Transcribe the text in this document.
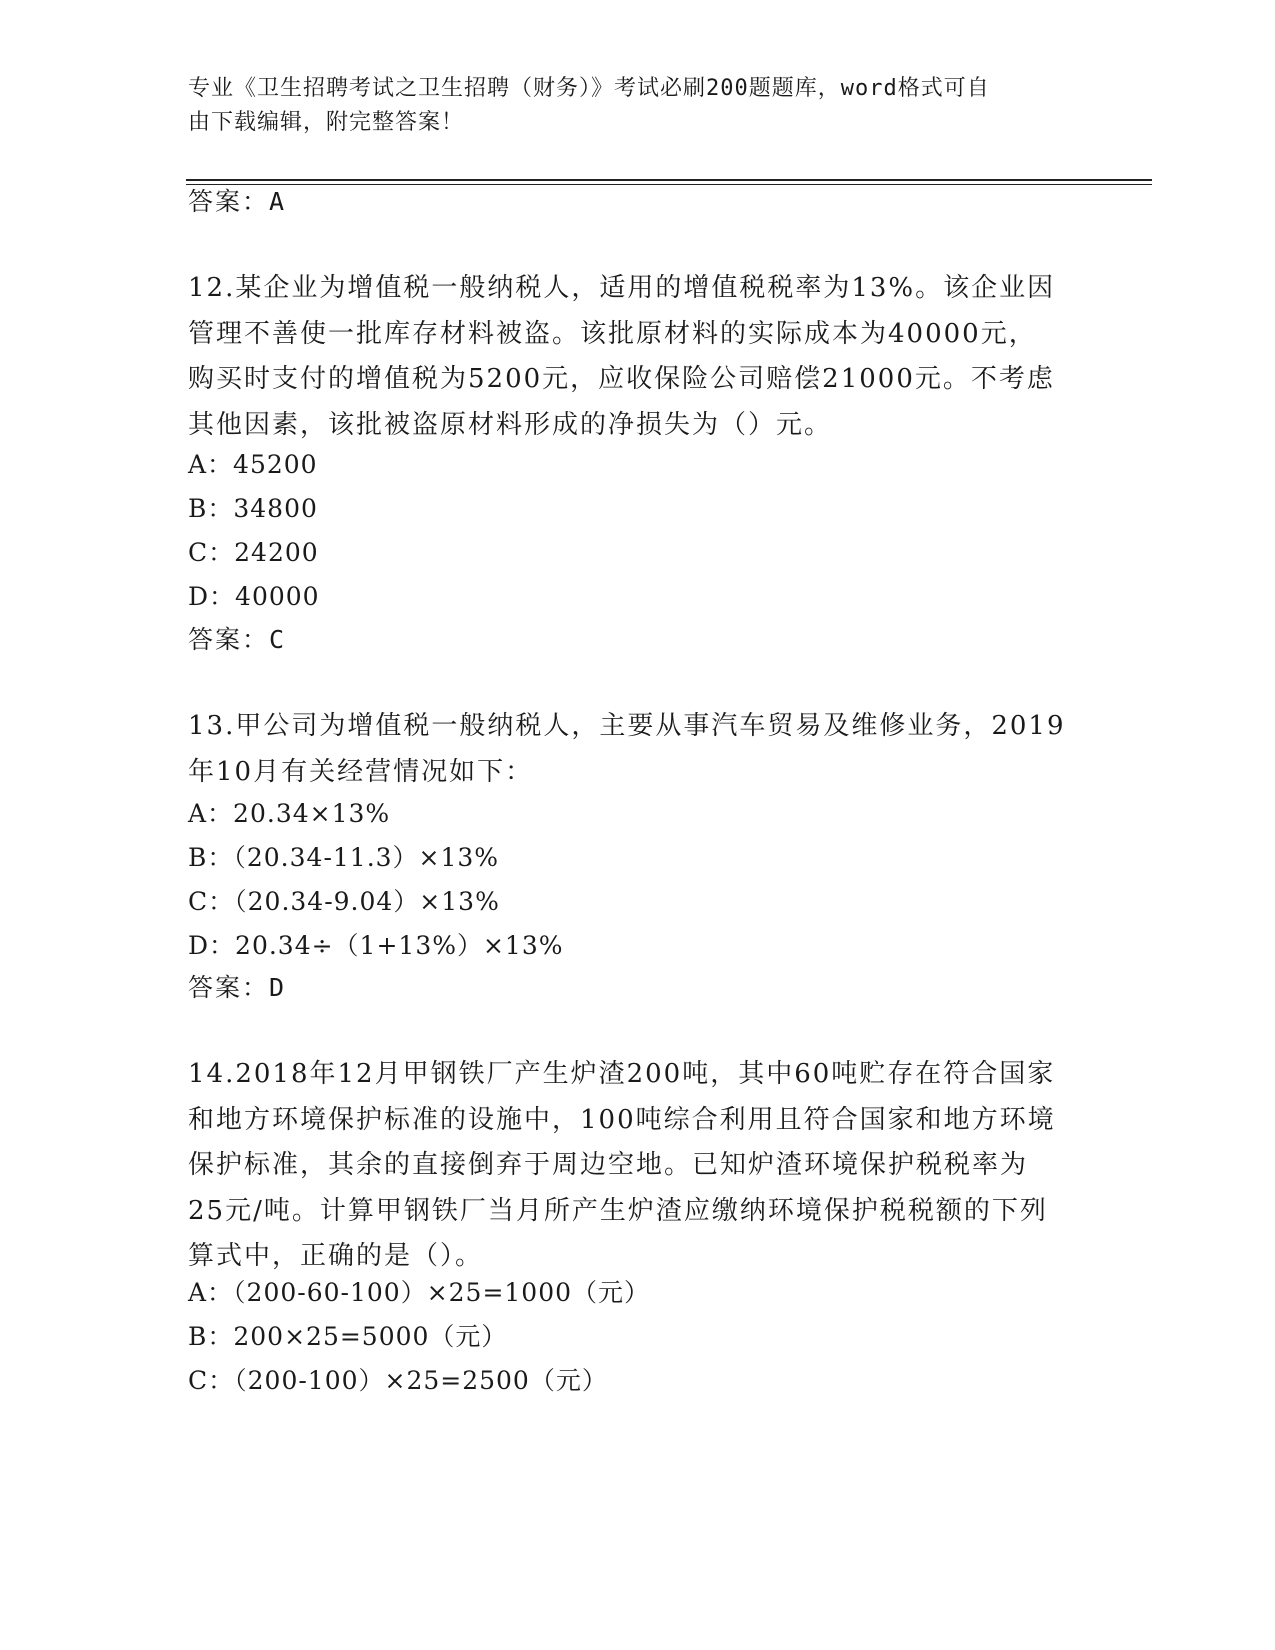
专业《卫生招聘考试之卫生招聘（财务）》考试必刷200题题库，word格式可自
由下载编辑，附完整答案！
答案：A
12.某企业为增值税一般纳税人，适用的增值税税率为13%。该企业因
管理不善使一批库存材料被盗。该批原材料的实际成本为40000元，
购买时支付的增值税为5200元，应收保险公司赔偿21000元。不考虑
其他因素，该批被盗原材料形成的净损失为（）元。
A：45200
B：34800
C：24200
D：40000
答案：C
13.甲公司为增值税一般纳税人，主要从事汽车贸易及维修业务，2019
年10月有关经营情况如下：
A：20.34×13%
B：（20.34-11.3）×13%
C：（20.34-9.04）×13%
D：20.34÷（1+13%）×13%
答案：D
14.2018年12月甲钢铁厂产生炉渣200吨，其中60吨贮存在符合国家
和地方环境保护标准的设施中，100吨综合利用且符合国家和地方环境
保护标准，其余的直接倒弃于周边空地。已知炉渣环境保护税税率为
25元/吨。计算甲钢铁厂当月所产生炉渣应缴纳环境保护税税额的下列
算式中，正确的是（）。
A：（200-60-100）×25=1000（元）
B：200×25=5000（元）
C：（200-100）×25=2500（元）
